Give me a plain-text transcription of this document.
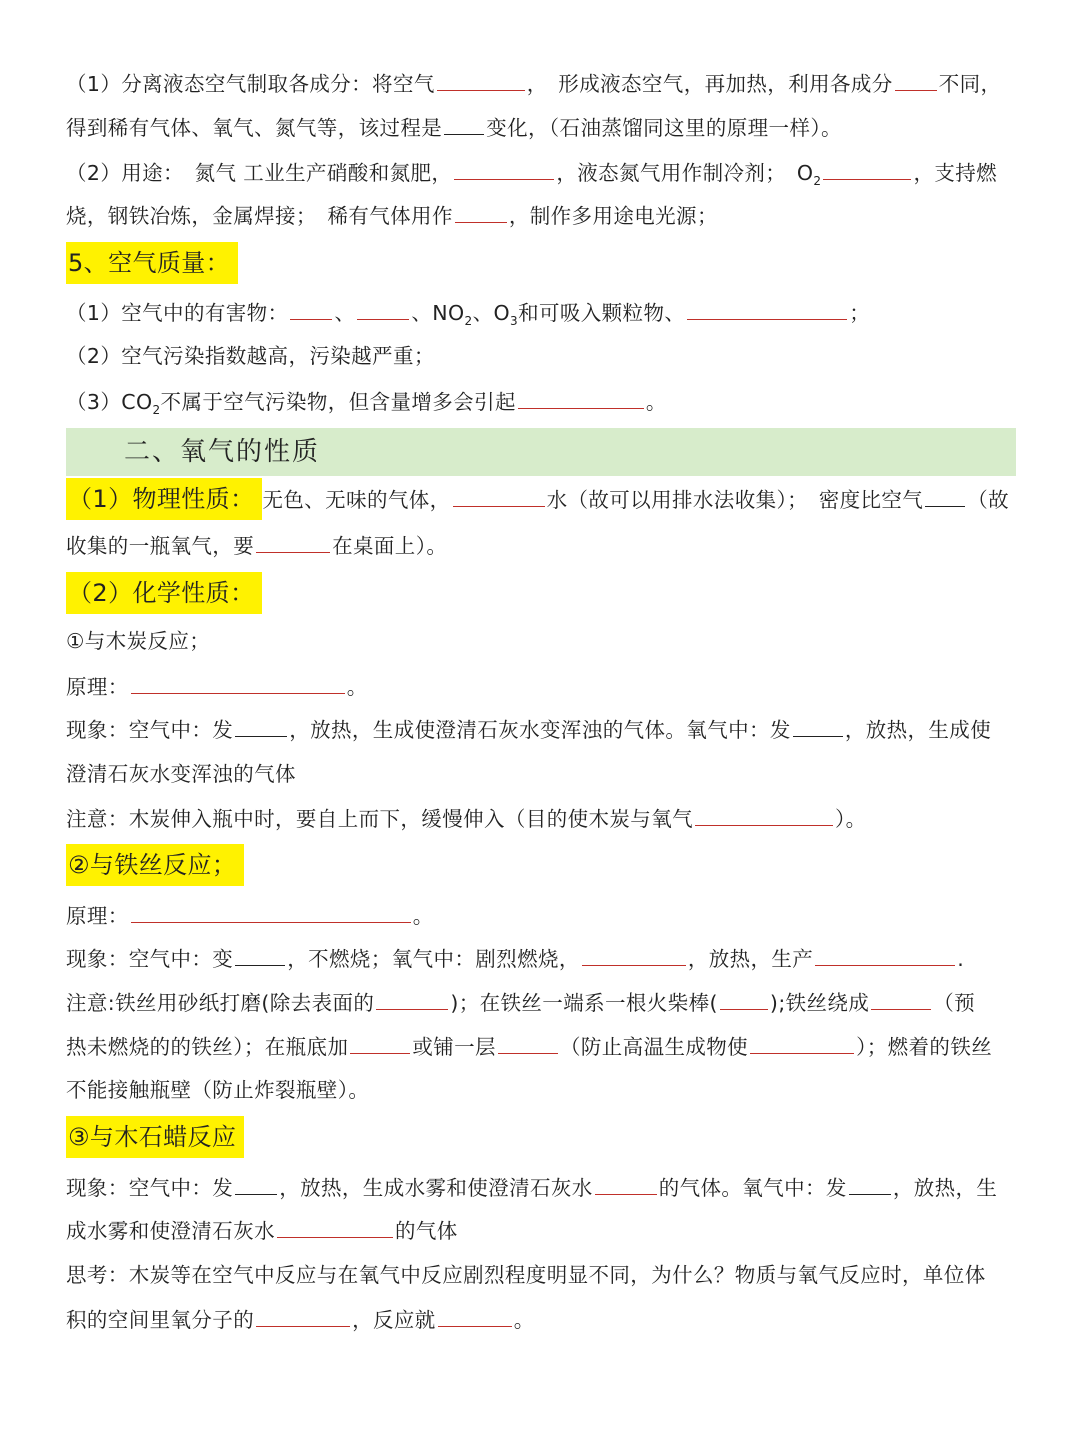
（1）分离液态空气制取各成分：将空气	，　形成液态空气，再加热，利用各成分 不同，
得到稀有气体、氧气、氮气等，该过程是 变化，（石油蒸馏同这里的原理一样）。
（2）用途：　氮气 工业生产硝酸和氮肥，	，液态氮气用作制冷剂；　$O_2$	，支持燃
烧，钢铁冶炼，金属焊接；　稀有气体用作	，制作多用途电光源；
5、空气质量：
（1）空气中的有害物： 、	、$NO_2$、$O_3$和可吸入颗粒物、	；
（2）空气污染指数越高，污染越严重；
$(3)CO_2$不属于空气污染物，但含量增多会引起	。
二、氧气的性质
（1）物理性质： 无色、无味的气体，	水（故可以用排水法收集）；　密度比空气 （故
收集的一瓶氧气，要	在桌面上）。
（2）化学性质：
①与木炭反应；
原理：	。
现象：空气中：发	，放热，生成使澄清石灰水变浑浊的气体。氧气中：发	，放热，生成使
澄清石灰水变浑浊的气体
注意：木炭伸入瓶中时，要自上而下，缓慢伸入（目的使木炭与氧气	）。
②与铁丝反应；
原理：	。
现象：空气中：变	，不燃烧；氧气中：剧烈燃烧，	，放热，生产	.
注意:铁丝用砂纸打磨(除去表面的	)；在铁丝一端系一根火柴棒(	);铁丝绕成	（预
热未燃烧的的铁丝）；在瓶底加	或铺一层	（防止高温生成物使	）；燃着的铁丝
不能接触瓶壁（防止炸裂瓶壁）。
③与木石蜡反应
现象：空气中：发 ，放热，生成水雾和使澄清石灰水	的气体。氧气中：发 ，放热，生
成水雾和使澄清石灰水	的气体
思考：木炭等在空气中反应与在氧气中反应剧烈程度明显不同，为什么？物质与氧气反应时，单位体
积的空间里氧分子的	，反应就	。
